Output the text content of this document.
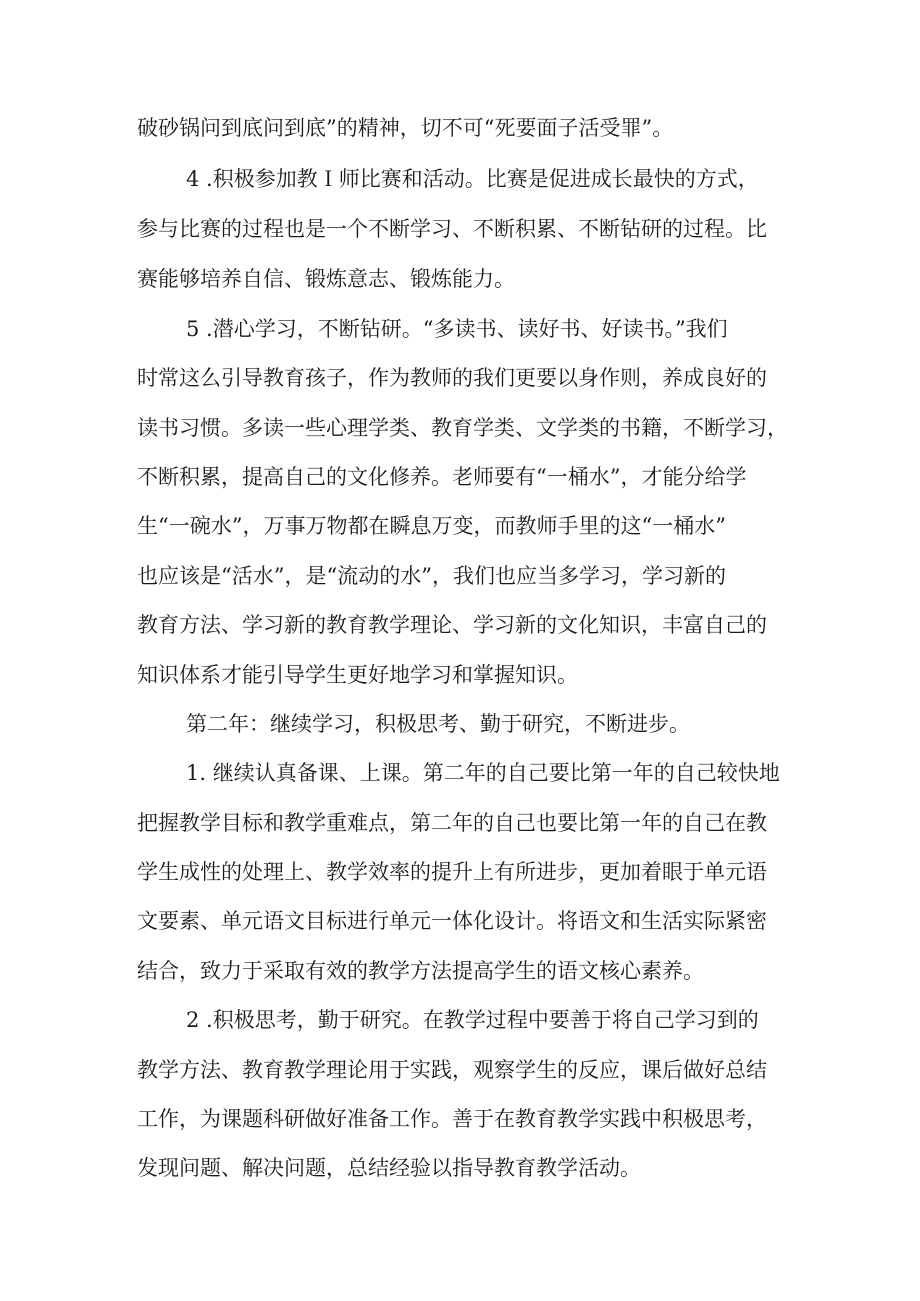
破砂锅问到底问到底”的精神，切不可“死要面子活受罪”。

4 .积极参加教Ｉ师比赛和活动。比赛是促进成长最快的方式，

参与比赛的过程也是一个不断学习、不断积累、不断钻研的过程。比

赛能够培养自信、锻炼意志、锻炼能力。

5 .潜心学习，不断钻研。“多读书、读好书、好读书。”我们

时常这么引导教育孩子，作为教师的我们更要以身作则，养成良好的

读书习惯。多读一些心理学类、教育学类、文学类的书籍，不断学习，

不断积累，提高自己的文化修养。老师要有“一桶水”，才能分给学

生“一碗水”，万事万物都在瞬息万变，而教师手里的这“一桶水”

也应该是“活水”，是“流动的水”，我们也应当多学习，学习新的

教育方法、学习新的教育教学理论、学习新的文化知识，丰富自己的

知识体系才能引导学生更好地学习和掌握知识。

第二年：继续学习，积极思考、勤于研究，不断进步。

1. 继续认真备课、上课。第二年的自己要比第一年的自己较快地

把握教学目标和教学重难点，第二年的自己也要比第一年的自己在教

学生成性的处理上、教学效率的提升上有所进步，更加着眼于单元语

文要素、单元语文目标进行单元一体化设计。将语文和生活实际紧密

结合，致力于采取有效的教学方法提高学生的语文核心素养。

2 .积极思考，勤于研究。在教学过程中要善于将自己学习到的

教学方法、教育教学理论用于实践，观察学生的反应，课后做好总结

工作，为课题科研做好准备工作。善于在教育教学实践中积极思考，

发现问题、解决问题，总结经验以指导教育教学活动。
